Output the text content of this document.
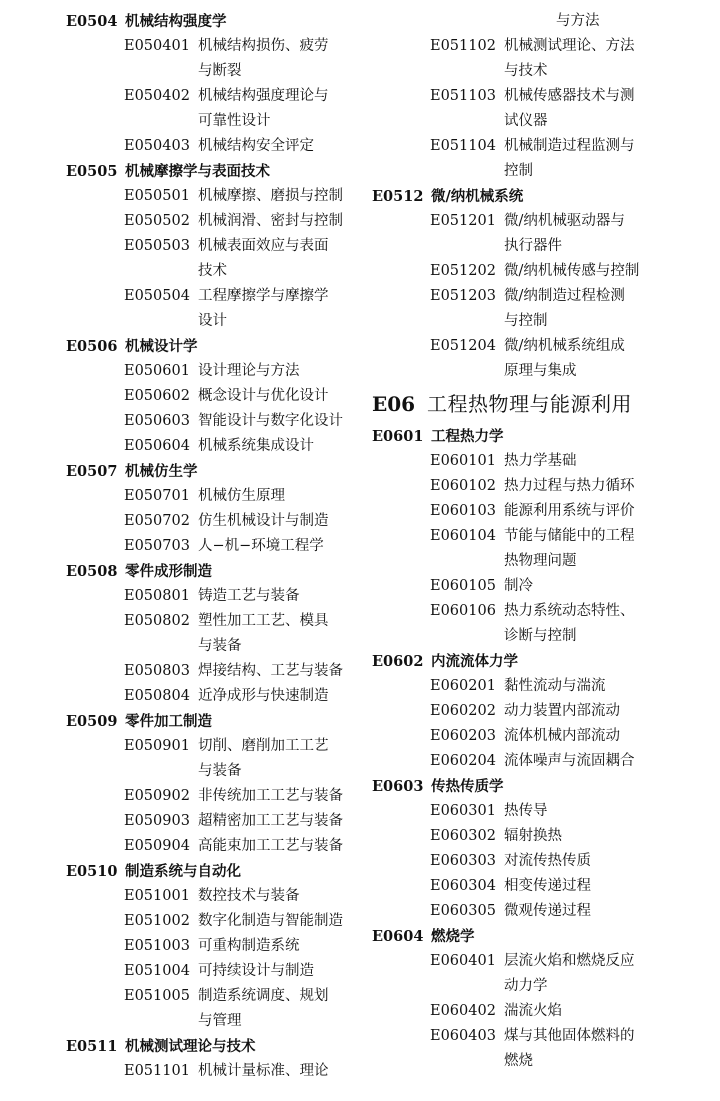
E0504 机械结构强度学
E050401 机械结构损伤、疲劳
与断裂
E050402 机械结构强度理论与
可靠性设计
E050403 机械结构安全评定
E0505 机械摩擦学与表面技术
E050501 机械摩擦、磨损与控制
E050502 机械润滑、密封与控制
E050503 机械表面效应与表面
技术
E050504 工程摩擦学与摩擦学
设计
E0506 机械设计学
E050601 设计理论与方法
E050602 概念设计与优化设计
E050603 智能设计与数字化设计
E050604 机械系统集成设计
E0507 机械仿生学
E050701 机械仿生原理
E050702 仿生机械设计与制造
E050703 人−机−环境工程学
E0508 零件成形制造
E050801 铸造工艺与装备
E050802 塑性加工工艺、模具
与装备
E050803 焊接结构、工艺与装备
E050804 近净成形与快速制造
E0509 零件加工制造
E050901 切削、磨削加工工艺
与装备
E050902 非传统加工工艺与装备
E050903 超精密加工工艺与装备
E050904 高能束加工工艺与装备
E0510 制造系统与自动化
E051001 数控技术与装备
E051002 数字化制造与智能制造
E051003 可重构制造系统
E051004 可持续设计与制造
E051005 制造系统调度、规划
与管理
E0511 机械测试理论与技术
E051101 机械计量标准、理论
与方法
E051102 机械测试理论、方法
与技术
E051103 机械传感器技术与测
试仪器
E051104 机械制造过程监测与
控制
E0512 微/纳机械系统
E051201 微/纳机械驱动器与
执行器件
E051202 微/纳机械传感与控制
E051203 微/纳制造过程检测
与控制
E051204 微/纳机械系统组成
原理与集成
E06 工程热物理与能源利用
E0601 工程热力学
E060101 热力学基础
E060102 热力过程与热力循环
E060103 能源利用系统与评价
E060104 节能与储能中的工程
热物理问题
E060105 制冷
E060106 热力系统动态特性、
诊断与控制
E0602 内流流体力学
E060201 黏性流动与湍流
E060202 动力装置内部流动
E060203 流体机械内部流动
E060204 流体噪声与流固耦合
E0603 传热传质学
E060301 热传导
E060302 辐射换热
E060303 对流传热传质
E060304 相变传递过程
E060305 微观传递过程
E0604 燃烧学
E060401 层流火焰和燃烧反应
动力学
E060402 湍流火焰
E060403 煤与其他固体燃料的
燃烧
